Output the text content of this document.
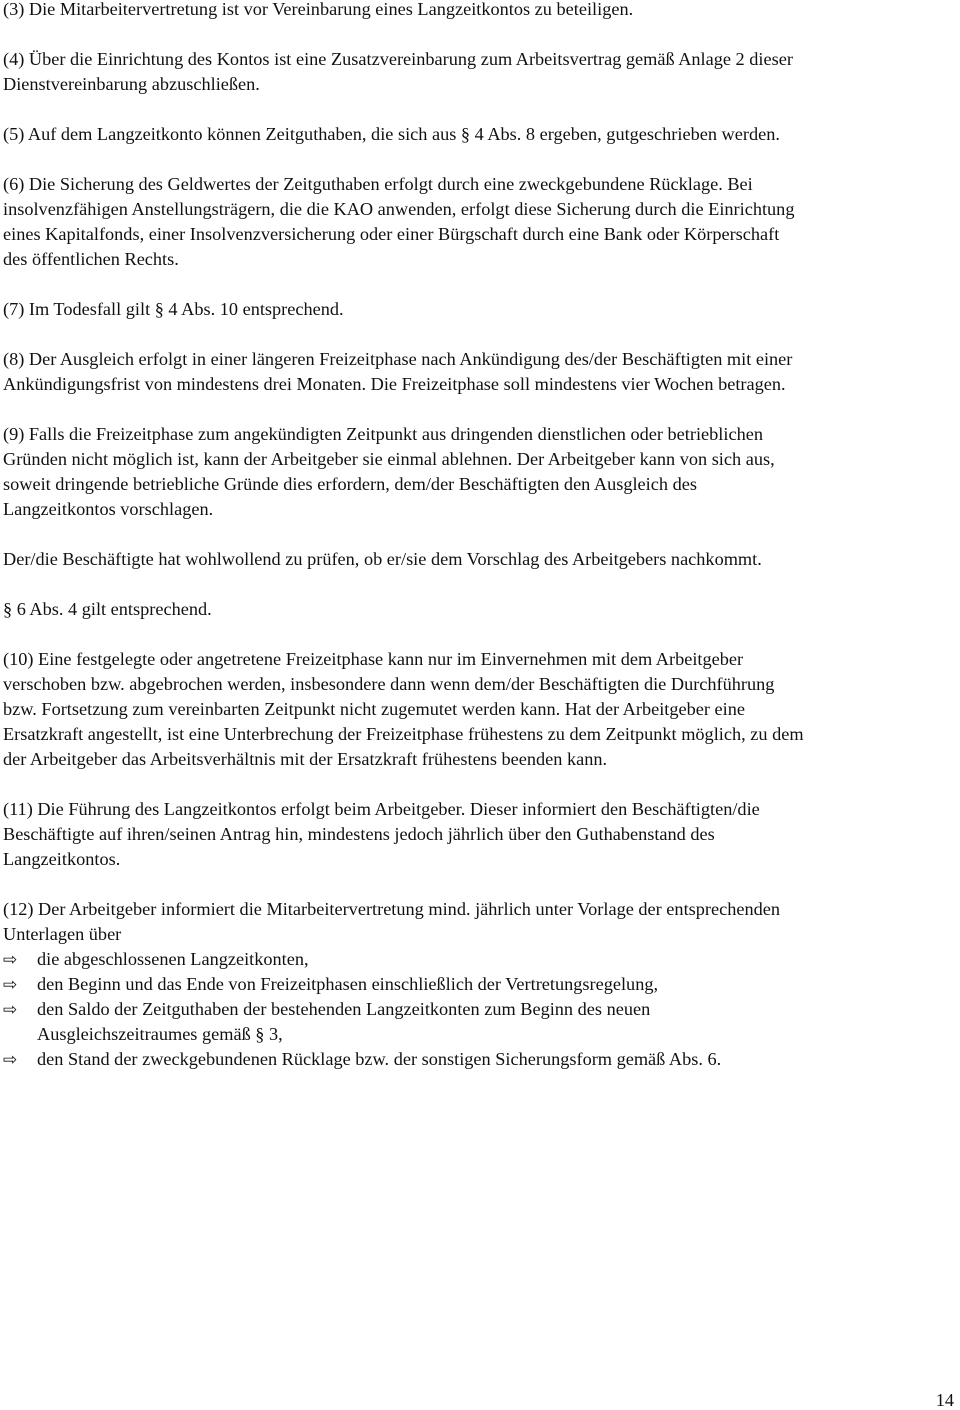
(3) Die Mitarbeitervertretung ist vor Vereinbarung eines Langzeitkontos zu beteiligen.
(4) Über die Einrichtung des Kontos ist eine Zusatzvereinbarung zum Arbeitsvertrag gemäß Anlage 2 dieser
Dienstvereinbarung abzuschließen.
(5) Auf dem Langzeitkonto können Zeitguthaben, die sich aus § 4 Abs. 8 ergeben, gutgeschrieben werden.
(6) Die Sicherung des Geldwertes der Zeitguthaben erfolgt durch eine zweckgebundene Rücklage. Bei
insolvenzfähigen Anstellungsträgern, die die KAO anwenden, erfolgt diese Sicherung durch die Einrichtung
eines Kapitalfonds, einer Insolvenzversicherung oder einer Bürgschaft durch eine Bank oder Körperschaft
des öffentlichen Rechts.
(7) Im Todesfall gilt § 4 Abs. 10 entsprechend.
(8) Der Ausgleich erfolgt in einer längeren Freizeitphase nach Ankündigung des/der Beschäftigten mit einer
Ankündigungsfrist von mindestens drei Monaten. Die Freizeitphase soll mindestens vier Wochen betragen.
(9) Falls die Freizeitphase zum angekündigten Zeitpunkt aus dringenden dienstlichen oder betrieblichen
Gründen nicht möglich ist, kann der Arbeitgeber sie einmal ablehnen. Der Arbeitgeber kann von sich aus,
soweit dringende betriebliche Gründe dies erfordern, dem/der Beschäftigten den Ausgleich des
Langzeitkontos vorschlagen.
Der/die Beschäftigte hat wohlwollend zu prüfen, ob er/sie dem Vorschlag des Arbeitgebers nachkommt.
§ 6 Abs. 4 gilt entsprechend.
(10) Eine festgelegte oder angetretene Freizeitphase kann nur im Einvernehmen mit dem Arbeitgeber
verschoben bzw. abgebrochen werden, insbesondere dann wenn dem/der Beschäftigten die Durchführung
bzw. Fortsetzung zum vereinbarten Zeitpunkt nicht zugemutet werden kann. Hat der Arbeitgeber eine
Ersatzkraft angestellt, ist eine Unterbrechung der Freizeitphase frühestens zu dem Zeitpunkt möglich, zu dem
der Arbeitgeber das Arbeitsverhältnis mit der Ersatzkraft frühestens beenden kann.
(11) Die Führung des Langzeitkontos erfolgt beim Arbeitgeber. Dieser informiert den Beschäftigten/die
Beschäftigte auf ihren/seinen Antrag hin, mindestens jedoch jährlich über den Guthabenstand des
Langzeitkontos.
(12) Der Arbeitgeber informiert die Mitarbeitervertretung mind. jährlich unter Vorlage der entsprechenden
Unterlagen über
⇨ die abgeschlossenen Langzeitkonten,
⇨ den Beginn und das Ende von Freizeitphasen einschließlich der Vertretungsregelung,
⇨ den Saldo der Zeitguthaben der bestehenden Langzeitkonten zum Beginn des neuen
Ausgleichszeitraumes gemäß § 3,
⇨ den Stand der zweckgebundenen Rücklage bzw. der sonstigen Sicherungsform gemäß Abs. 6.
14
